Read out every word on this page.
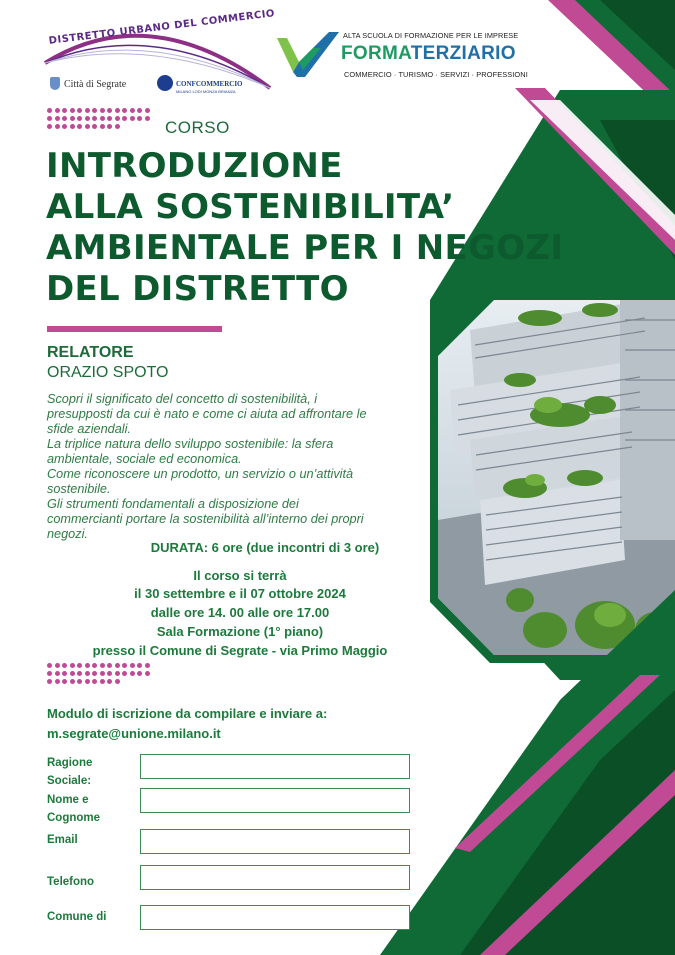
DISTRETTO URBANO DEL COMMERCIO
Città di Segrate	CONFCOMMERCIO
MILANO LODI MONZA BRIANZA
ALTA SCUOLA DI FORMAZIONE PER LE IMPRESE
FORMATERZIARIO
COMMERCIO · TURISMO · SERVIZI · PROFESSIONI
CORSO
INTRODUZIONE
ALLA SOSTENIBILITA’
AMBIENTALE PER I NEGOZI
DEL DISTRETTO
RELATORE
ORAZIO SPOTO

Scopri il significato del concetto di sostenibilità, i presupposti da cui è nato e come ci aiuta ad affrontare le sfide aziendali.

La triplice natura dello sviluppo sostenibile: la sfera ambientale, sociale ed economica.

Come riconoscere un prodotto, un servizio o un’attività sostenibile.

Gli strumenti fondamentali a disposizione dei commercianti portare la sostenibilità all’interno dei propri negozi.

DURATA: 6 ore (due incontri di 3 ore)
Il corso si terrà
il 30 settembre e il 07 ottobre 2024
dalle ore 14. 00 alle ore 17.00
Sala Formazione (1° piano)
presso il Comune di Segrate - via Primo Maggio
Modulo di iscrizione da compilare e inviare a:
m.segrate@unione.milano.it
Ragione
Sociale:
Nome e
Cognome
Email
Telefono
Comune di
